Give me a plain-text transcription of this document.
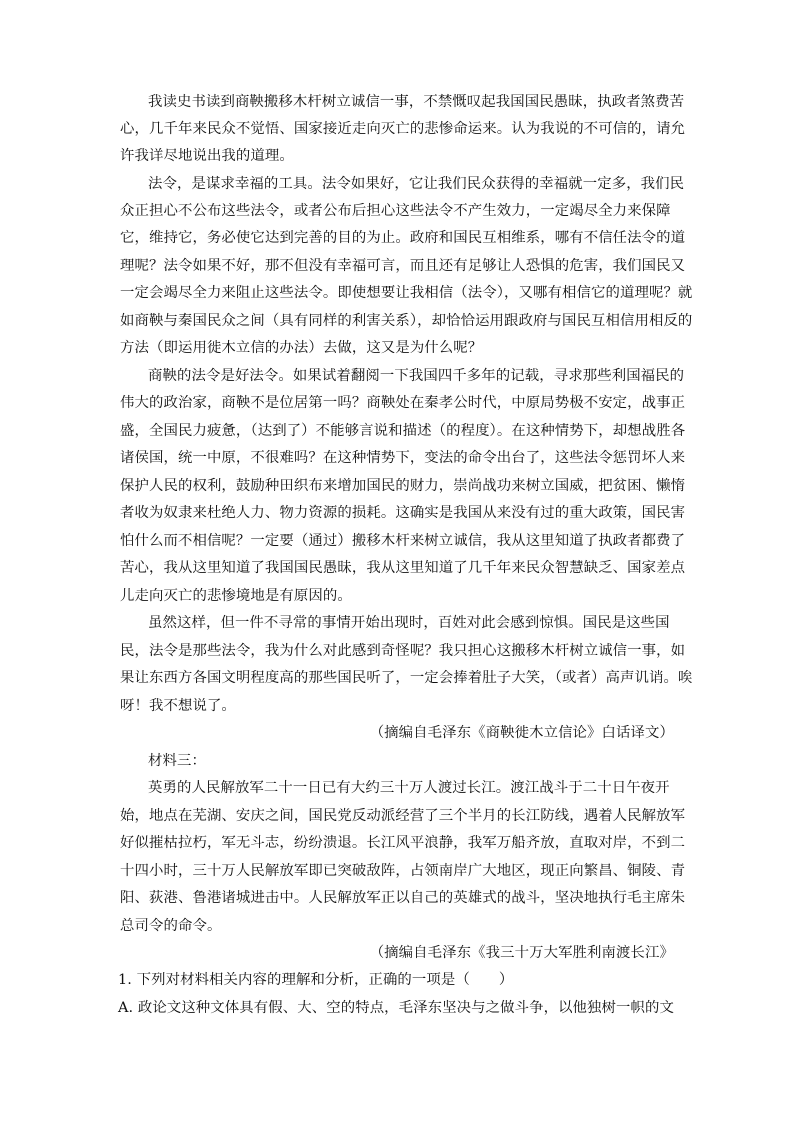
我读史书读到商鞅搬移木杆树立诚信一事，不禁慨叹起我国国民愚昧，执政者煞费苦
心，几千年来民众不觉悟、国家接近走向灭亡的悲惨命运来。认为我说的不可信的，请允
许我详尽地说出我的道理。
法令，是谋求幸福的工具。法令如果好，它让我们民众获得的幸福就一定多，我们民
众正担心不公布这些法令，或者公布后担心这些法令不产生效力，一定竭尽全力来保障
它，维持它，务必使它达到完善的目的为止。政府和国民互相维系，哪有不信任法令的道
理呢？法令如果不好，那不但没有幸福可言，而且还有足够让人恐惧的危害，我们国民又
一定会竭尽全力来阻止这些法令。即使想要让我相信（法令），又哪有相信它的道理呢？就
如商鞅与秦国民众之间（具有同样的利害关系），却恰恰运用跟政府与国民互相信用相反的
方法（即运用徙木立信的办法）去做，这又是为什么呢？
商鞅的法令是好法令。如果试着翻阅一下我国四千多年的记载，寻求那些利国福民的
伟大的政治家，商鞅不是位居第一吗？商鞅处在秦孝公时代，中原局势极不安定，战事正
盛，全国民力疲惫，（达到了）不能够言说和描述（的程度）。在这种情势下，却想战胜各
诸侯国，统一中原，不很难吗？在这种情势下，变法的命令出台了，这些法令惩罚坏人来
保护人民的权利，鼓励种田织布来增加国民的财力，崇尚战功来树立国威，把贫困、懒惰
者收为奴隶来杜绝人力、物力资源的损耗。这确实是我国从来没有过的重大政策，国民害
怕什么而不相信呢？一定要（通过）搬移木杆来树立诚信，我从这里知道了执政者都费了
苦心，我从这里知道了我国国民愚昧，我从这里知道了几千年来民众智慧缺乏、国家差点
儿走向灭亡的悲惨境地是有原因的。
虽然这样，但一件不寻常的事情开始出现时，百姓对此会感到惊惧。国民是这些国
民，法令是那些法令，我为什么对此感到奇怪呢？我只担心这搬移木杆树立诚信一事，如
果让东西方各国文明程度高的那些国民听了，一定会捧着肚子大笑，（或者）高声讥诮。唉
呀！我不想说了。
（摘编自毛泽东《商鞅徙木立信论》白话译文）
材料三：
英勇的人民解放军二十一日已有大约三十万人渡过长江。渡江战斗于二十日午夜开
始，地点在芜湖、安庆之间，国民党反动派经营了三个半月的长江防线，遇着人民解放军
好似摧枯拉朽，军无斗志，纷纷溃退。长江风平浪静，我军万船齐放，直取对岸，不到二
十四小时，三十万人民解放军即已突破敌阵，占领南岸广大地区，现正向繁昌、铜陵、青
阳、荻港、鲁港诸城进击中。人民解放军正以自己的英雄式的战斗，坚决地执行毛主席朱
总司令的命令。
（摘编自毛泽东《我三十万大军胜利南渡长江》
1. 下列对材料相关内容的理解和分析，正确的一项是（　　）
A. 政论文这种文体具有假、大、空的特点，毛泽东坚决与之做斗争，以他独树一帜的文
